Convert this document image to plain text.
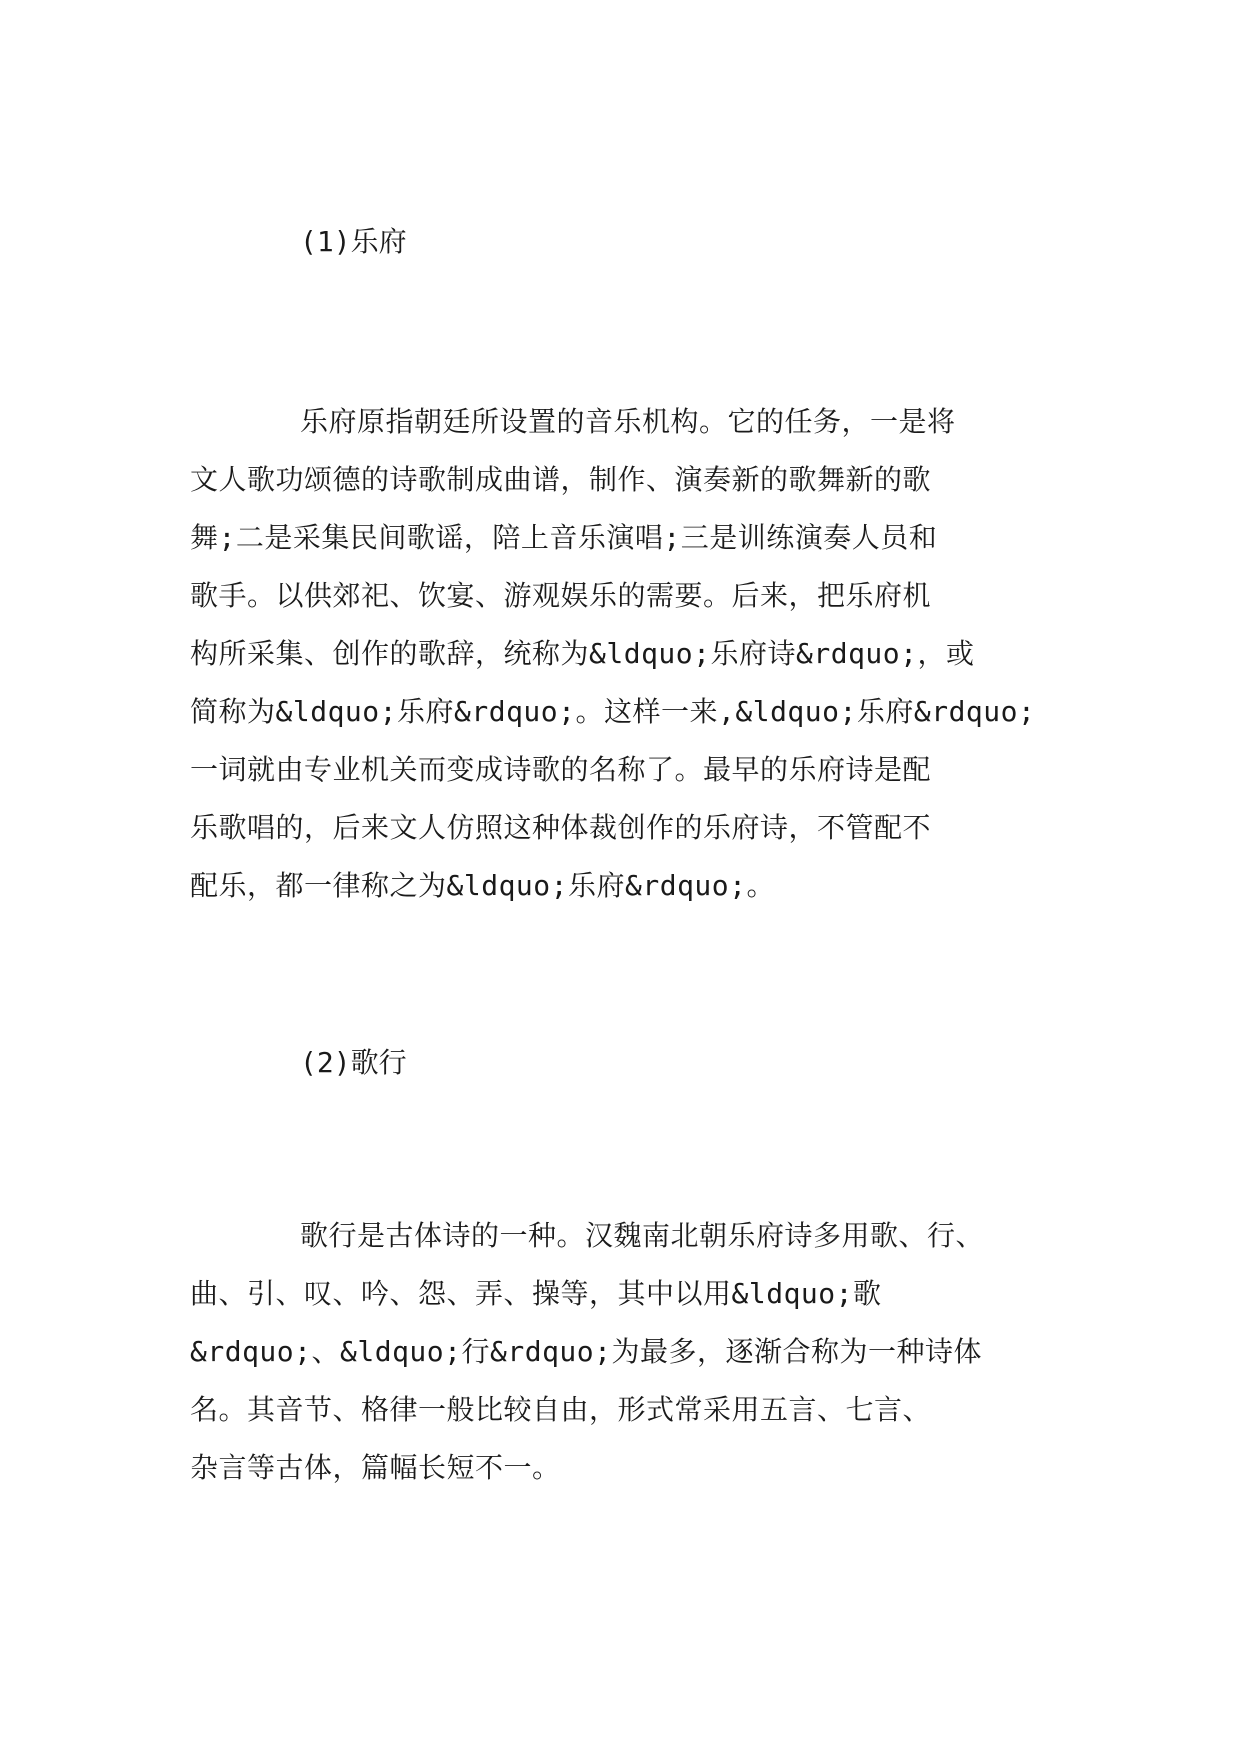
(1)乐府
乐府原指朝廷所设置的音乐机构。它的任务，一是将
文人歌功颂德的诗歌制成曲谱，制作、演奏新的歌舞新的歌
舞;二是采集民间歌谣，陪上音乐演唱;三是训练演奏人员和
歌手。以供郊祀、饮宴、游观娱乐的需要。后来，把乐府机
构所采集、创作的歌辞，统称为&ldquo;乐府诗&rdquo;，或
简称为&ldquo;乐府&rdquo;。这样一来,&ldquo;乐府&rdquo;
一词就由专业机关而变成诗歌的名称了。最早的乐府诗是配
乐歌唱的，后来文人仿照这种体裁创作的乐府诗，不管配不
配乐，都一律称之为&ldquo;乐府&rdquo;。
(2)歌行
歌行是古体诗的一种。汉魏南北朝乐府诗多用歌、行、
曲、引、叹、吟、怨、弄、操等，其中以用&ldquo;歌
&rdquo;、&ldquo;行&rdquo;为最多，逐渐合称为一种诗体
名。其音节、格律一般比较自由，形式常采用五言、七言、
杂言等古体，篇幅长短不一。
